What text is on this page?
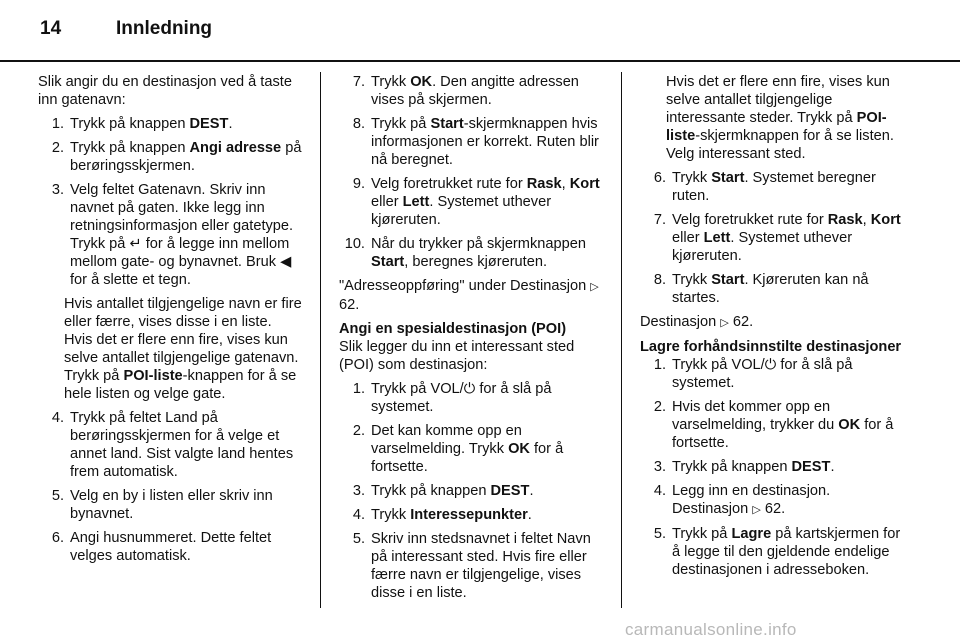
14	Innledning

Slik angir du en destinasjon ved å taste inn gatenavn:

1. Trykk på knappen DEST.
2. Trykk på knappen Angi adresse på berøringsskjermen.
3. Velg feltet Gatenavn. Skriv inn navnet på gaten. Ikke legg inn retningsinformasjon eller gatetype. Trykk på ↵ for å legge inn mellom mellom gate- og bynavnet. Bruk ◀ for å slette et tegn.

Hvis antallet tilgjengelige navn er fire eller færre, vises disse i en liste. Hvis det er flere enn fire, vises kun selve antallet tilgjengelige gatenavn. Trykk på POI-liste-knappen for å se hele listen og velge gate.

4. Trykk på feltet Land på berøringsskjermen for å velge et annet land. Sist valgte land hentes frem automatisk.
5. Velg en by i listen eller skriv inn bynavnet.
6. Angi husnummeret. Dette feltet velges automatisk.
7. Trykk OK. Den angitte adressen vises på skjermen.
8. Trykk på Start-skjermknappen hvis informasjonen er korrekt. Ruten blir nå beregnet.
9. Velg foretrukket rute for Rask, Kort eller Lett. Systemet uthever kjøreruten.
10. Når du trykker på skjermknappen Start, beregnes kjøreruten.

"Adresseoppføring" under Destinasjon ▷ 62.

Angi en spesialdestinasjon (POI)

Slik legger du inn et interessant sted (POI) som destinasjon:

1. Trykk på VOL/⏻ for å slå på systemet.
2. Det kan komme opp en varselmelding. Trykk OK for å fortsette.
3. Trykk på knappen DEST.
4. Trykk Interessepunkter.
5. Skriv inn stedsnavnet i feltet Navn på interessant sted. Hvis fire eller færre navn er tilgjengelige, vises disse i en liste.

Hvis det er flere enn fire, vises kun selve antallet tilgjengelige interessante steder. Trykk på POI-liste-skjermknappen for å se listen. Velg interessant sted.

6. Trykk Start. Systemet beregner ruten.
7. Velg foretrukket rute for Rask, Kort eller Lett. Systemet uthever kjøreruten.
8. Trykk Start. Kjøreruten kan nå startes.

Destinasjon ▷ 62.

Lagre forhåndsinnstilte destinasjoner

1. Trykk på VOL/⏻ for å slå på systemet.
2. Hvis det kommer opp en varselmelding, trykker du OK for å fortsette.
3. Trykk på knappen DEST.
4. Legg inn en destinasjon. Destinasjon ▷ 62.
5. Trykk på Lagre på kartskjermen for å legge til den gjeldende endelige destinasjonen i adresseboken.
carmanualsonline.info
